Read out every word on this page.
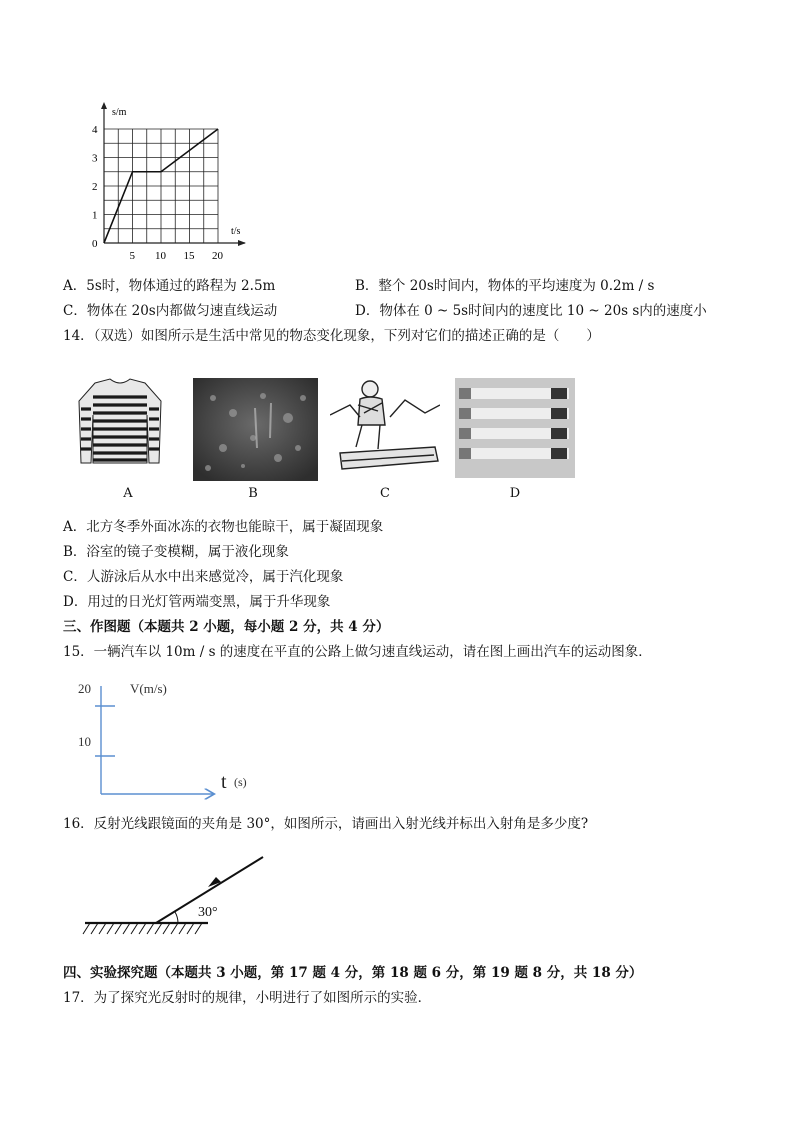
0
1
2
3
4
5 10 15 20
s/m
t/s
A．5s时，物体通过的路程为 2.5m	B．整个 20s时间内，物体的平均速度为 0.2m / s
C．物体在 20s内都做匀速直线运动	D．物体在 0 ~ 5s时间内的速度比 10 ~ 20s s内的速度小
14．（双选）如图所示是生活中常见的物态变化现象，下列对它们的描述正确的是（　　）
A	B	C	D
A．北方冬季外面冰冻的衣物也能晾干，属于凝固现象
B．浴室的镜子变模糊，属于液化现象
C．人游泳后从水中出来感觉冷，属于汽化现象
D．用过的日光灯管两端变黑，属于升华现象
三、作图题（本题共 2 小题，每小题 2 分，共 4 分）
15．一辆汽车以 10m / s 的速度在平直的公路上做匀速直线运动，请在图上画出汽车的运动图象．
20
10
V(m/s)
t (s)
16．反射光线跟镜面的夹角是 30°，如图所示，请画出入射光线并标出入射角是多少度?
30°
四、实验探究题（本题共 3 小题，第 17 题 4 分，第 18 题 6 分，第 19 题 8 分，共 18 分）
17．为了探究光反射时的规律，小明进行了如图所示的实验．
